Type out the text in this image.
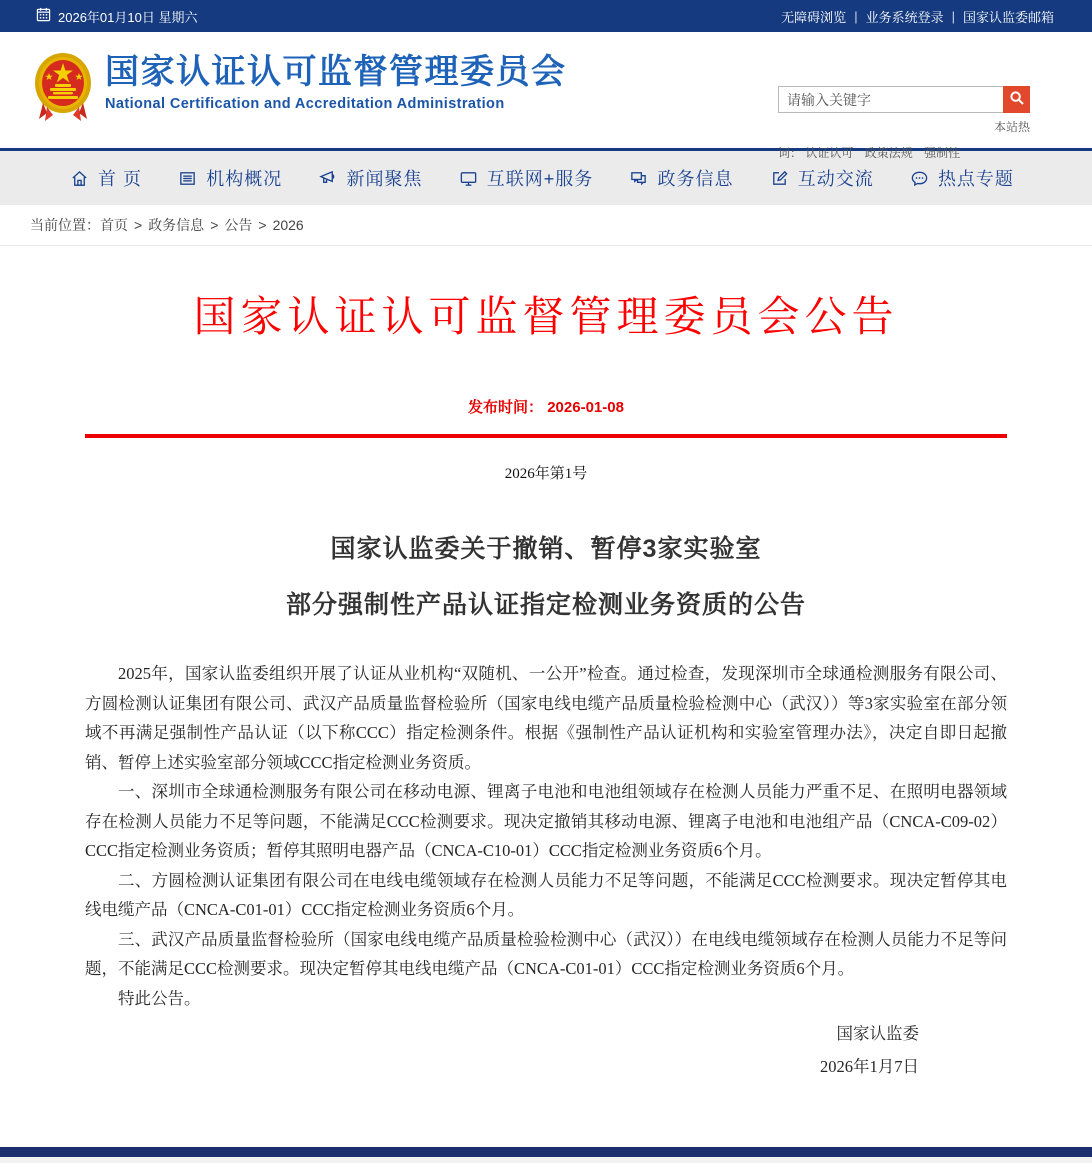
2026年01月10日 星期六	无障碍浏览 | 业务系统登录 | 国家认监委邮箱
国家认证认可监督管理委员会
National Certification and Accreditation Administration
请输入关键字
本站热
词： 认证认可 政策法规 强制性
首 页	机构概况	新闻聚焦	互联网+服务	政务信息	互动交流	热点专题
当前位置： 首页 > 政务信息 > 公告 > 2026
国家认证认可监督管理委员会公告
发布时间： 2026-01-08
2026年第1号
国家认监委关于撤销、暂停3家实验室
部分强制性产品认证指定检测业务资质的公告

2025年，国家认监委组织开展了认证从业机构“双随机、一公开”检查。通过检查，发现深圳市全球通检测服务有限公司、方圆检测认证集团有限公司、武汉产品质量监督检验所（国家电线电缆产品质量检验检测中心（武汉））等3家实验室在部分领域不再满足强制性产品认证（以下称CCC）指定检测条件。根据《强制性产品认证机构和实验室管理办法》，决定自即日起撤销、暂停上述实验室部分领域CCC指定检测业务资质。

一、深圳市全球通检测服务有限公司在移动电源、锂离子电池和电池组领域存在检测人员能力严重不足、在照明电器领域存在检测人员能力不足等问题，不能满足CCC检测要求。现决定撤销其移动电源、锂离子电池和电池组产品（CNCA-C09-02）CCC指定检测业务资质；暂停其照明电器产品（CNCA-C10-01）CCC指定检测业务资质6个月。

二、方圆检测认证集团有限公司在电线电缆领域存在检测人员能力不足等问题，不能满足CCC检测要求。现决定暂停其电线电缆产品（CNCA-C01-01）CCC指定检测业务资质6个月。

三、武汉产品质量监督检验所（国家电线电缆产品质量检验检测中心（武汉））在电线电缆领域存在检测人员能力不足等问题，不能满足CCC检测要求。现决定暂停其电线电缆产品（CNCA-C01-01）CCC指定检测业务资质6个月。

特此公告。

国家认监委
2026年1月7日
